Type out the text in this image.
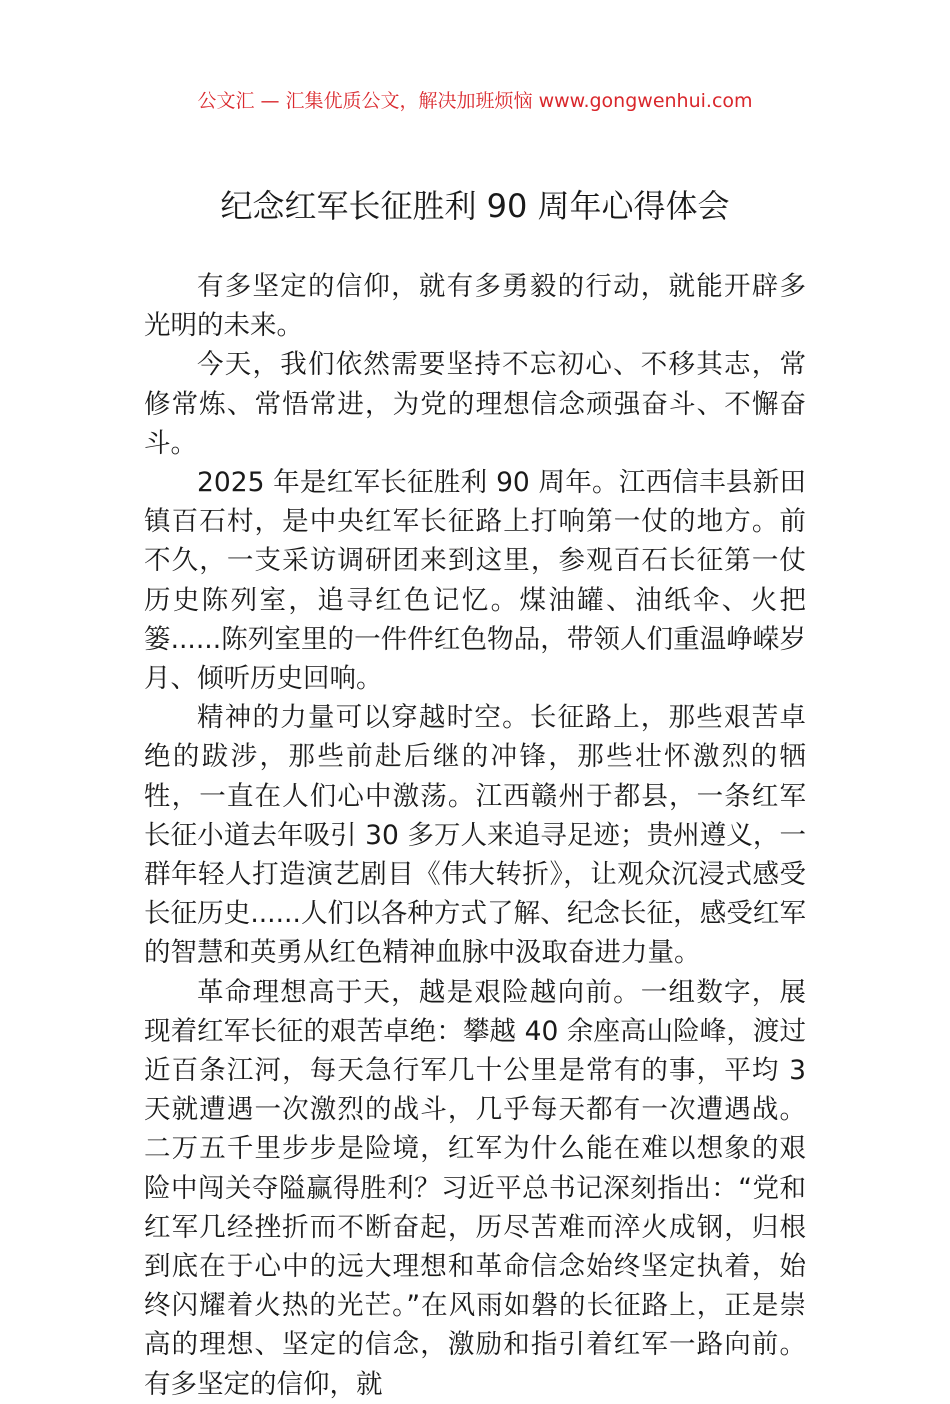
公文汇 — 汇集优质公文，解决加班烦恼 www.gongwenhui.com
纪念红军长征胜利 90 周年心得体会

有多坚定的信仰，就有多勇毅的行动，就能开辟多光明的未来。

今天，我们依然需要坚持不忘初心、不移其志，常修常炼、常悟常进，为党的理想信念顽强奋斗、不懈奋斗。

2025 年是红军长征胜利 90 周年。江西信丰县新田镇百石村，是中央红军长征路上打响第一仗的地方。前不久，一支采访调研团来到这里，参观百石长征第一仗历史陈列室，追寻红色记忆。煤油罐、油纸伞、火把篓......陈列室里的一件件红色物品，带领人们重温峥嵘岁月、倾听历史回响。

精神的力量可以穿越时空。长征路上，那些艰苦卓绝的跋涉，那些前赴后继的冲锋，那些壮怀激烈的牺牲，一直在人们心中激荡。江西赣州于都县，一条红军长征小道去年吸引 30 多万人来追寻足迹；贵州遵义，一群年轻人打造演艺剧目《伟大转折》，让观众沉浸式感受长征历史......人们以各种方式了解、纪念长征，感受红军的智慧和英勇从红色精神血脉中汲取奋进力量。

革命理想高于天，越是艰险越向前。一组数字，展现着红军长征的艰苦卓绝：攀越 40 余座高山险峰，渡过近百条江河，每天急行军几十公里是常有的事，平均 3 天就遭遇一次激烈的战斗，几乎每天都有一次遭遇战。二万五千里步步是险境，红军为什么能在难以想象的艰险中闯关夺隘赢得胜利？习近平总书记深刻指出：“党和红军几经挫折而不断奋起，历尽苦难而淬火成钢，归根到底在于心中的远大理想和革命信念始终坚定执着，始终闪耀着火热的光芒。”在风雨如磐的长征路上，正是崇高的理想、坚定的信念，激励和指引着红军一路向前。有多坚定的信仰，就
